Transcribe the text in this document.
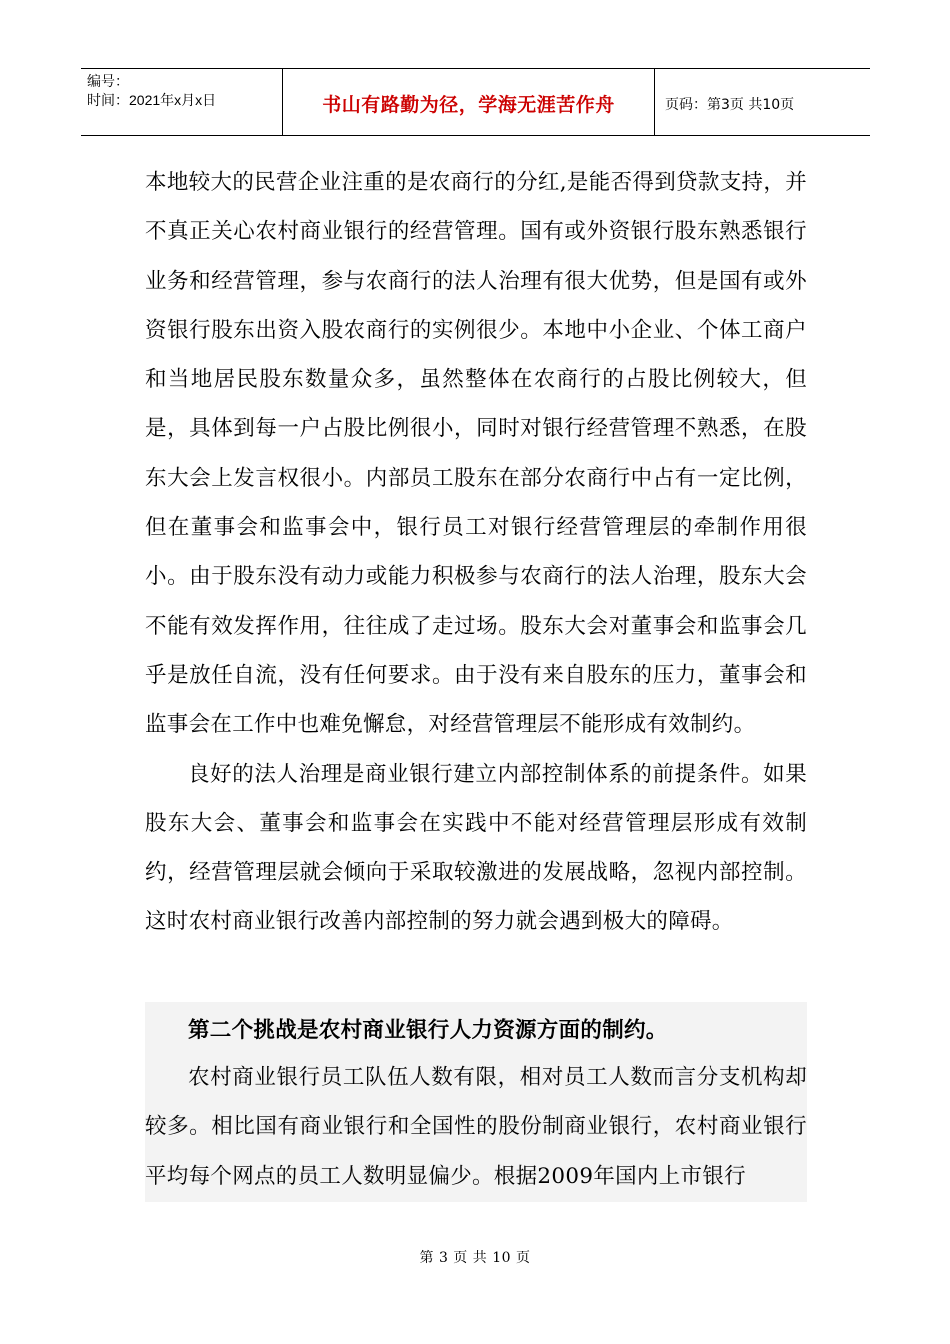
编号：
时间：2021年x月x日	书山有路勤为径，学海无涯苦作舟	页码：第3页 共10页

本地较大的民营企业注重的是农商行的分红,是能否得到贷款支持，并不真正关心农村商业银行的经营管理。国有或外资银行股东熟悉银行业务和经营管理，参与农商行的法人治理有很大优势，但是国有或外资银行股东出资入股农商行的实例很少。本地中小企业、个体工商户和当地居民股东数量众多，虽然整体在农商行的占股比例较大，但是，具体到每一户占股比例很小，同时对银行经营管理不熟悉，在股东大会上发言权很小。内部员工股东在部分农商行中占有一定比例，但在董事会和监事会中，银行员工对银行经营管理层的牵制作用很小。由于股东没有动力或能力积极参与农商行的法人治理，股东大会不能有效发挥作用，往往成了走过场。股东大会对董事会和监事会几乎是放任自流，没有任何要求。由于没有来自股东的压力，董事会和监事会在工作中也难免懈怠，对经营管理层不能形成有效制约。

良好的法人治理是商业银行建立内部控制体系的前提条件。如果股东大会、董事会和监事会在实践中不能对经营管理层形成有效制约，经营管理层就会倾向于采取较激进的发展战略，忽视内部控制。这时农村商业银行改善内部控制的努力就会遇到极大的障碍。

第二个挑战是农村商业银行人力资源方面的制约。

农村商业银行员工队伍人数有限，相对员工人数而言分支机构却较多。相比国有商业银行和全国性的股份制商业银行，农村商业银行平均每个网点的员工人数明显偏少。根据2009年国内上市银行

第 3 页 共 10 页
